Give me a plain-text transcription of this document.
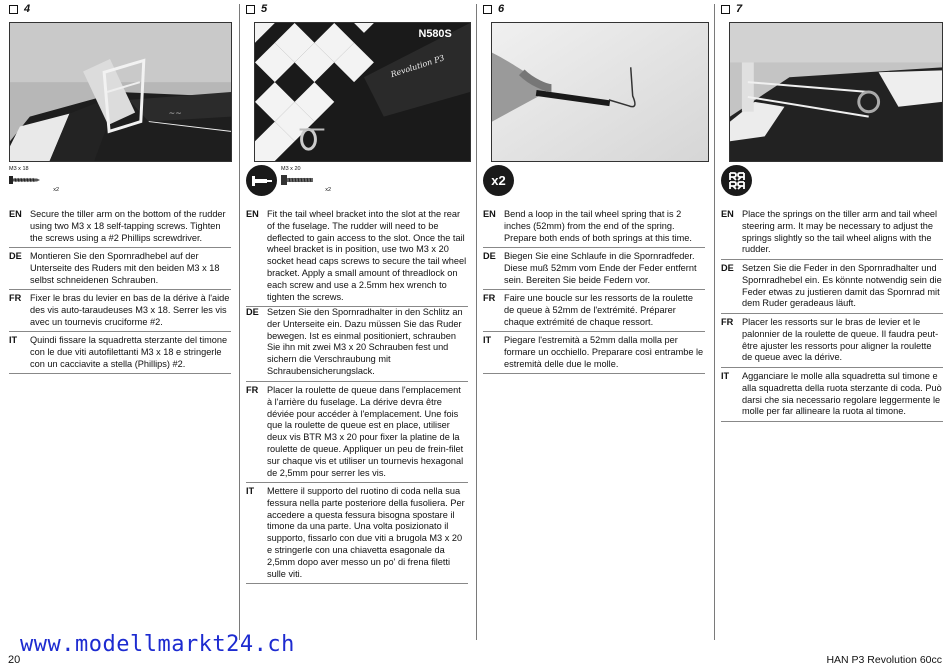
4
~~
M3 x 18
x2
EN Secure the tiller arm on the bottom of the rudder using two M3 x 18 self-tapping screws. Tighten the screws using a #2 Phillips screwdriver.
DE Montieren Sie den Spornradhebel auf der Unterseite des Ruders mit den beiden M3 x 18 selbst schneidenen Schrauben.
FR Fixer le bras du levier en bas de la dérive à l'aide des vis auto-taraudeuses M3 x 18. Serrer les vis avec un tournevis cruciforme #2.
IT Quindi fissare la squadretta sterzante del timone con le due viti autofilettanti M3 x 18 e stringerle con un cacciavite a stella (Phillips) #2.
5
N580S
Revolution P3
M3 x 20
x2
EN Fit the tail wheel bracket into the slot at the rear of the fuselage. The rudder will need to be deflected to gain access to the slot. Once the tail wheel bracket is in position, use two M3 x 20 socket head caps screws to secure the tail wheel bracket. Apply a small amount of threadlock on each screw and use a 2.5mm hex wrench to tighten the screws.
DE Setzen Sie den Spornradhalter in den Schlitz an der Unterseite ein. Dazu müssen Sie das Ruder bewegen. Ist es einmal positioniert, schrauben Sie ihn mit zwei M3 x 20 Schrauben fest und sichern die Verschraubung mit Schraubensicherungslack.
FR Placer la roulette de queue dans l'emplacement à l'arrière du fuselage. La dérive devra être déviée pour accéder à l'emplacement. Une fois que la roulette de queue est en place, utiliser deux vis BTR M3 x 20 pour fixer la platine de la roulette de queue. Appliquer un peu de frein-filet sur chaque vis et utiliser un tournevis hexagonal de 2,5mm pour serrer les vis.
IT Mettere il supporto del ruotino di coda nella sua fessura nella parte posteriore della fusoliera. Per accedere a questa fessura bisogna spostare il timone da una parte. Una volta posizionato il supporto, fissarlo con due viti a brugola M3 x 20 e stringerle con una chiavetta esagonale da 2,5mm dopo aver messo un po' di frena filetti sulle viti.
6
x2
EN Bend a loop in the tail wheel spring that is 2 inches (52mm) from the end of the spring. Prepare both ends of both springs at this time.
DE Biegen Sie eine Schlaufe in die Spornradfeder. Diese muß 52mm vom Ende der Feder entfernt sein. Bereiten Sie beide Federn vor.
FR Faire une boucle sur les ressorts de la roulette de queue à 52mm de l'extrémité. Préparer chaque extrémité de chaque ressort.
IT Piegare l'estremità a 52mm dalla molla per formare un occhiello. Preparare così entrambe le estremità delle due le molle.
7
EN Place the springs on the tiller arm and tail wheel steering arm. It may be necessary to adjust the springs slightly so the tail wheel aligns with the rudder.
DE Setzen Sie die Feder in den Spornradhalter und Spornradhebel ein. Es könnte notwendig sein die Feder etwas zu justieren damit das Spornrad mit dem Ruder geradeaus läuft.
FR Placer les ressorts sur le bras de levier et le palonnier de la roulette de queue. Il faudra peut-être ajuster les ressorts pour aligner la roulette de queue avec la dérive.
IT Agganciare le molle alla squadretta sul timone e alla squadretta della ruota sterzante di coda. Può darsi che sia necessario regolare leggermente le molle per far allineare la ruota al timone.
www.modellmarkt24.ch
20	HAN P3 Revolution 60cc
